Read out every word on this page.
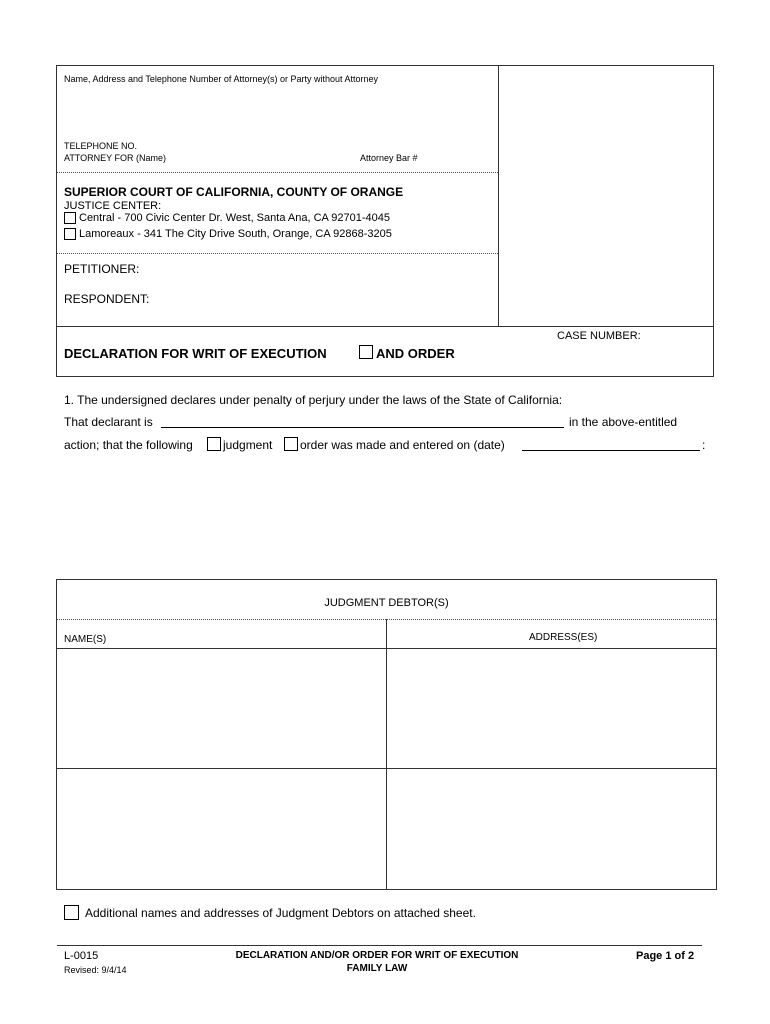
Name, Address and Telephone Number of Attorney(s) or Party without Attorney
TELEPHONE NO.
ATTORNEY FOR (Name)	Attorney Bar #
SUPERIOR COURT OF CALIFORNIA, COUNTY OF ORANGE
JUSTICE CENTER:
Central - 700 Civic Center Dr. West, Santa Ana, CA 92701-4045
Lamoreaux - 341 The City Drive South, Orange, CA 92868-3205
PETITIONER:
RESPONDENT:
DECLARATION FOR WRIT OF EXECUTION	AND ORDER
CASE NUMBER:
1. The undersigned declares under penalty of perjury under the laws of the State of California:
That declarant is	in the above-entitled
action; that the following	judgment order was made and entered on (date)	:
JUDGMENT DEBTOR(S)
NAME(S)	ADDRESS(ES)
Additional names and addresses of Judgment Debtors on attached sheet.
L-0015
Revised: 9/4/14
DECLARATION AND/OR ORDER FOR WRIT OF EXECUTION
FAMILY LAW
Page 1 of 2
